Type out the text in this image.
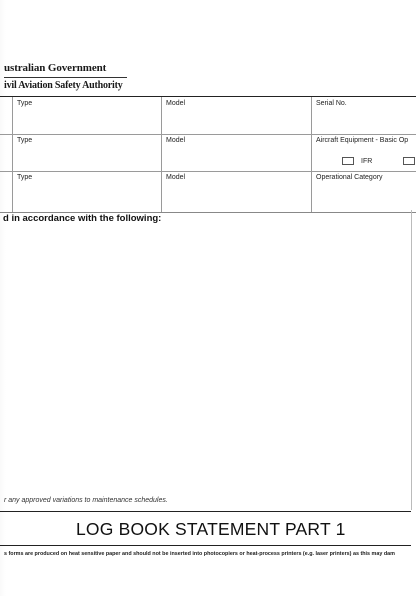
ustralian Government
ivil Aviation Safety Authority
Type	Model	Serial No.
Type	Model	Aircraft Equipment - Basic Op
IFR
Type	Model	Operational Category
d in accordance with the following:
r any approved variations to maintenance schedules.
LOG BOOK STATEMENT PART 1
s forms are produced on heat sensitive paper and should not be inserted into photocopiers or heat-process printers (e.g. laser printers) as this may dam
